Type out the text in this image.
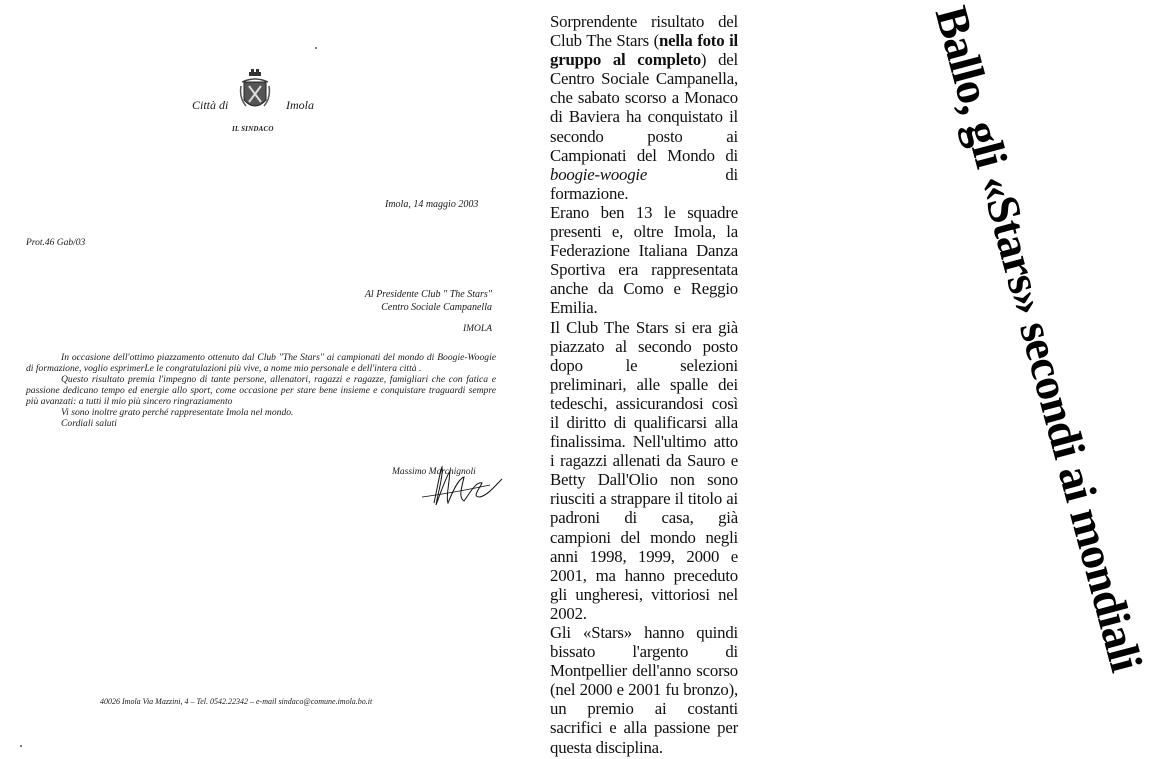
Città di	Imola
IL SINDACO
Imola, 14 maggio 2003
Prot.46 Gab/03
Al Presidente Club " The Stars"
Centro Sociale Campanella
IMOLA

In occasione dell'ottimo piazzamento ottenuto dal Club "The Stars" ai campionati del mondo di Boogie-Woogie di formazione, voglio esprimerLe le congratulazioni più vive, a nome mio personale e dell'intera città .

Questo risultato premia l'impegno di tante persone, allenatori, ragazzi e ragazze, famigliari che con fatica e passione dedicano tempo ed energie allo sport, come occasione per stare bene insieme e conquistare traguardi sempre più avanzati: a tutti il mio più sincero ringraziamento

Vi sono inoltre grato perché rappresentate Imola nel mondo.

Cordiali saluti

Massimo Marchignoli
40026 Imola Via Mazzini, 4 – Tel. 0542.22342 – e-mail sindaco@comune.imola.bo.it

Sorprendente risultato del Club The Stars (nella foto il gruppo al completo) del Centro Sociale Campanella, che sabato scorso a Monaco di Baviera ha conquistato il secondo posto ai Campionati del Mondo di boogie-woogie di formazione.

Erano ben 13 le squadre presenti e, oltre Imola, la Federazione Italiana Danza Sportiva era rappresentata anche da Como e Reggio Emilia.

Il Club The Stars si era già piazzato al secondo posto dopo le selezioni preliminari, alle spalle dei tedeschi, assicurandosi così il diritto di qualificarsi alla finalissima. Nell'ultimo atto i ragazzi allenati da Sauro e Betty Dall'Olio non sono riusciti a strappare il titolo ai padroni di casa, già campioni del mondo negli anni 1998, 1999, 2000 e 2001, ma hanno preceduto gli ungheresi, vittoriosi nel 2002.

Gli «Stars» hanno quindi bissato l'argento di Montpellier dell'anno scorso (nel 2000 e 2001 fu bronzo), un premio ai costanti sacrifici e alla passione per questa disciplina.

Ballo, gli «Stars» secondi ai mondiali
